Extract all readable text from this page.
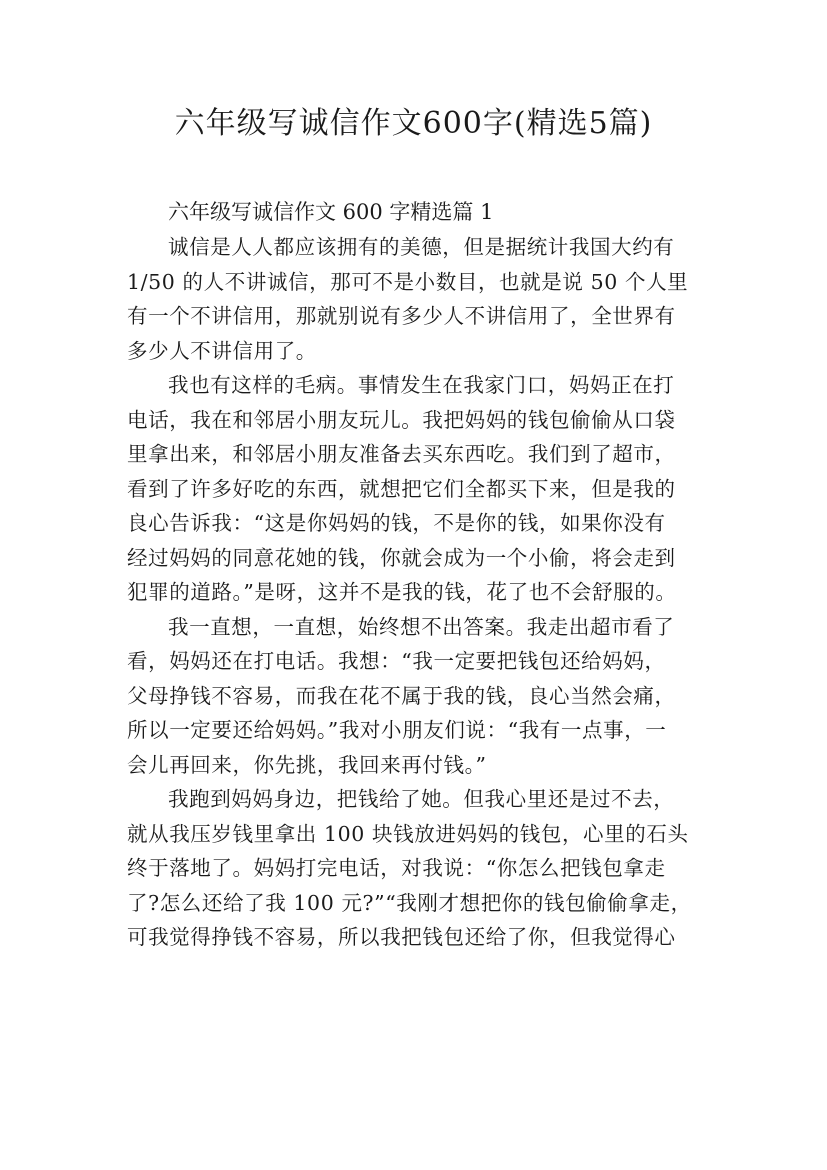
六年级写诚信作文600字(精选5篇)
六年级写诚信作文 600 字精选篇 1
诚信是人人都应该拥有的美德，但是据统计我国大约有
1/50 的人不讲诚信，那可不是小数目，也就是说 50 个人里
有一个不讲信用，那就别说有多少人不讲信用了，全世界有
多少人不讲信用了。
我也有这样的毛病。事情发生在我家门口，妈妈正在打
电话，我在和邻居小朋友玩儿。我把妈妈的钱包偷偷从口袋
里拿出来，和邻居小朋友准备去买东西吃。我们到了超市，
看到了许多好吃的东西，就想把它们全都买下来，但是我的
良心告诉我：“这是你妈妈的钱，不是你的钱，如果你没有
经过妈妈的同意花她的钱，你就会成为一个小偷，将会走到
犯罪的道路。”是呀，这并不是我的钱，花了也不会舒服的。
我一直想，一直想，始终想不出答案。我走出超市看了
看，妈妈还在打电话。我想：“我一定要把钱包还给妈妈，
父母挣钱不容易，而我在花不属于我的钱，良心当然会痛，
所以一定要还给妈妈。”我对小朋友们说：“我有一点事，一
会儿再回来，你先挑，我回来再付钱。”
我跑到妈妈身边，把钱给了她。但我心里还是过不去，
就从我压岁钱里拿出 100 块钱放进妈妈的钱包，心里的石头
终于落地了。妈妈打完电话，对我说：“你怎么把钱包拿走
了?怎么还给了我 100 元?”“我刚才想把你的钱包偷偷拿走，
可我觉得挣钱不容易，所以我把钱包还给了你，但我觉得心
